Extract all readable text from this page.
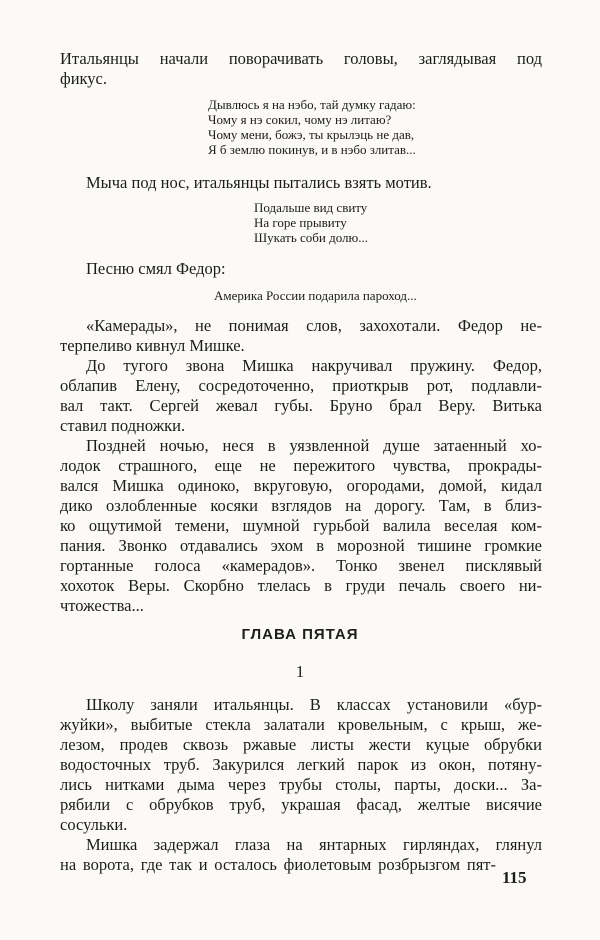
Итальянцы начали поворачивать головы, заглядывая под
фикус.
Дывлюсь я на нэбо, тай думку гадаю:
Чому я нэ сокил, чому нэ литаю?
Чому мени, божэ, ты крылэць не дав,
Я б землю покинув, и в нэбо злитав...
Мыча под нос, итальянцы пытались взять мотив.
Подальше вид свиту
На горе прывиту
Шукать соби долю...
Песню смял Федор:
Америка России подарила пароход...
«Камерады», не понимая слов, захохотали. Федор не-
терпеливо кивнул Мишке.
До тугого звона Мишка накручивал пружину. Федор,
облапив Елену, сосредоточенно, приоткрыв рот, подлавли-
вал такт. Сергей жевал губы. Бруно брал Веру. Витька
ставил подножки.
Поздней ночью, неся в уязвленной душе затаенный хо-
лодок страшного, еще не пережитого чувства, прокрады-
вался Мишка одиноко, вкруговую, огородами, домой, кидал
дико озлобленные косяки взглядов на дорогу. Там, в близ-
ко ощутимой темени, шумной гурьбой валила веселая ком-
пания. Звонко отдавались эхом в морозной тишине громкие
гортанные голоса «камерадов». Тонко звенел писклявый
хохоток Веры. Скорбно тлелась в груди печаль своего ни-
чтожества...
ГЛАВА ПЯТАЯ
1
Школу заняли итальянцы. В классах установили «бур-
жуйки», выбитые стекла залатали кровельным, с крыш, же-
лезом, продев сквозь ржавые листы жести куцые обрубки
водосточных труб. Закурился легкий парок из окон, потяну-
лись нитками дыма через трубы столы, парты, доски... За-
рябили с обрубков труб, украшая фасад, желтые висячие
сосульки.
Мишка задержал глаза на янтарных гирляндах, глянул
на ворота, где так и осталось фиолетовым розбрызгом пят-
115
